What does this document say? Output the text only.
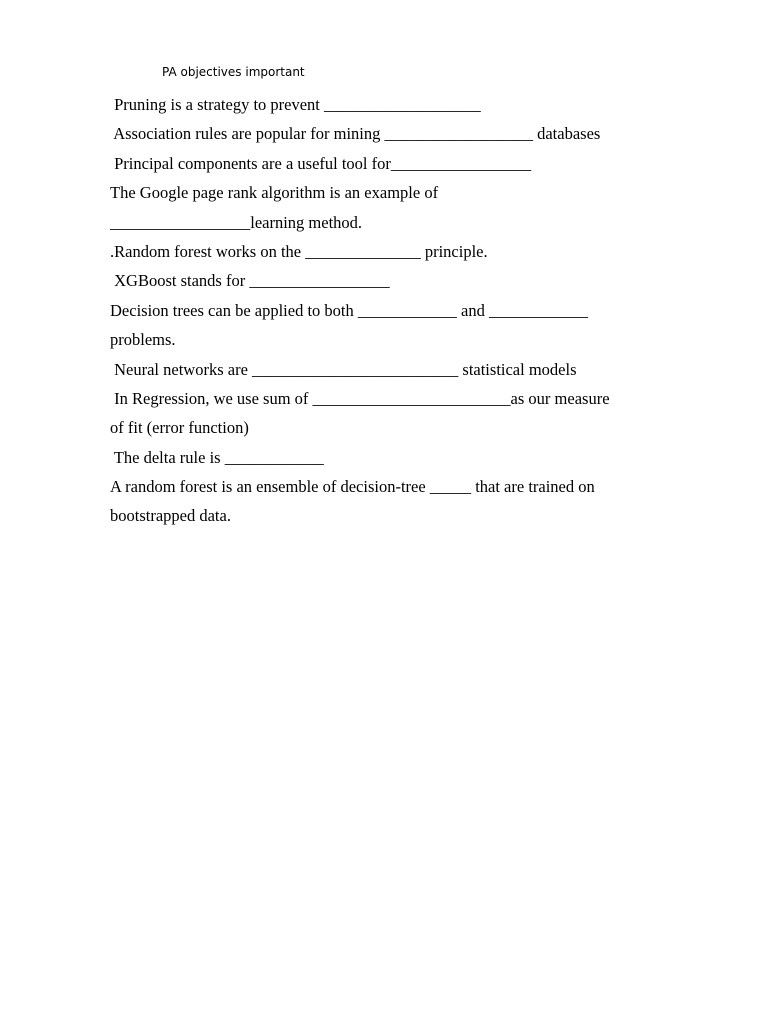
PA objectives important
Pruning is a strategy to prevent ___________________
Association rules are popular for mining __________________ databases
Principal components are a useful tool for_________________
The Google page rank algorithm is an example of
_________________learning method.
.Random forest works on the ______________ principle.
XGBoost stands for _________________
Decision trees can be applied to both ____________ and ____________
problems.
Neural networks are _________________________ statistical models
In Regression, we use sum of ________________________as our measure
of fit (error function)
The delta rule is ____________
A random forest is an ensemble of decision-tree _____ that are trained on
bootstrapped data.
